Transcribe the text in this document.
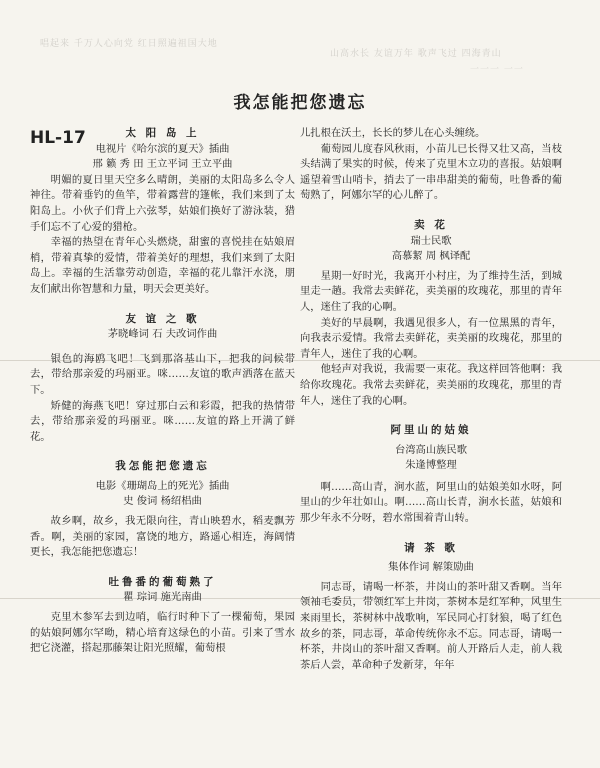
唱起来 千万人心向党 红日照遍祖国大地
山高水长 友谊万年 歌声飞过 四海青山
一一一 一一
我怎能把您遗忘
HL-17	太 阳 岛 上
电视片《哈尔滨的夏天》插曲
邢 籁 秀 田 王立平词 王立平曲

明媚的夏日里天空多么晴朗，美丽的太阳岛多么令人神往。带着垂钓的鱼竿，带着露营的篷帐，我们来到了太阳岛上。小伙子们背上六弦琴，姑娘们换好了游泳装，猎手们忘不了心爱的猎枪。

幸福的热望在青年心头燃烧，甜蜜的喜悦挂在姑娘眉梢，带着真挚的爱情，带着美好的理想，我们来到了太阳岛上。幸福的生活靠劳动创造，幸福的花儿靠汗水浇，朋友们献出你智慧和力量，明天会更美好。

友 谊 之 歌
茅晓峰词 石 夫改词作曲

银色的海鸥飞吧！飞到那洛基山下，把我的问候带去，带给那亲爱的玛丽亚。咪……友谊的歌声洒落在蓝天下。

矫健的海燕飞吧！穿过那白云和彩霞，把我的热情带去，带给那亲爱的玛丽亚。咪……友谊的路上开满了鲜花。

我怎能把您遗忘
电影《珊瑚岛上的死光》插曲
史 俊词 杨绍梠曲

故乡啊，故乡，我无限向往，青山映碧水，稻麦飘芳香。啊，美丽的家园，富饶的地方，路遥心相连，海阔情更长，我怎能把您遗忘！

吐鲁番的葡萄熟了
瞿 琮词 施光南曲

克里木参军去到边哨，临行时种下了一棵葡萄，果园的姑娘阿娜尔罕呦，精心培育这绿色的小苗。引来了雪水把它浇灌，搭起那藤架让阳光照耀，葡萄根

儿扎根在沃土，长长的梦儿在心头缠绕。

葡萄园儿度春风秋雨，小苗儿已长得又壮又高，当枝头结满了果实的时候，传来了克里木立功的喜报。姑娘啊遥望着雪山哨卡，捎去了一串串甜美的葡萄，吐鲁番的葡萄熟了，阿娜尔罕的心儿醉了。

卖 花
瑞士民歌
高慕絜 周 枫译配

星期一好时光，我离开小村庄，为了维持生活，到城里走一趟。我常去卖鲜花，卖美丽的玫瑰花，那里的青年人，迷住了我的心啊。

美好的早晨啊，我遇见很多人，有一位黑黑的青年，向我表示爱情。我常去卖鲜花，卖美丽的玫瑰花，那里的青年人，迷住了我的心啊。

他轻声对我说，我需要一束花。我这样回答他啊：我给你玫瑰花。我常去卖鲜花，卖美丽的玫瑰花，那里的青年人，迷住了我的心啊。

阿里山的姑娘
台湾高山族民歌
朱逢博整理

啊……高山青，涧水蓝，阿里山的姑娘美如水呀，阿里山的少年壮如山。啊……高山长青，涧水长蓝，姑娘和那少年永不分呀，碧水常围着青山转。

请 茶 歌
集体作词 解策励曲

同志哥，请喝一杯茶，井岗山的茶叶甜又香啊。当年领袖毛委员，带领红军上井岗，茶树本是红军种，风里生来雨里长，茶树林中战歌响，军民同心打豺狼，喝了红色故乡的茶，同志哥，革命传统你永不忘。同志哥，请喝一杯茶，井岗山的茶叶甜又香啊。前人开路后人走，前人栽茶后人尝，革命种子发新芽，年年
